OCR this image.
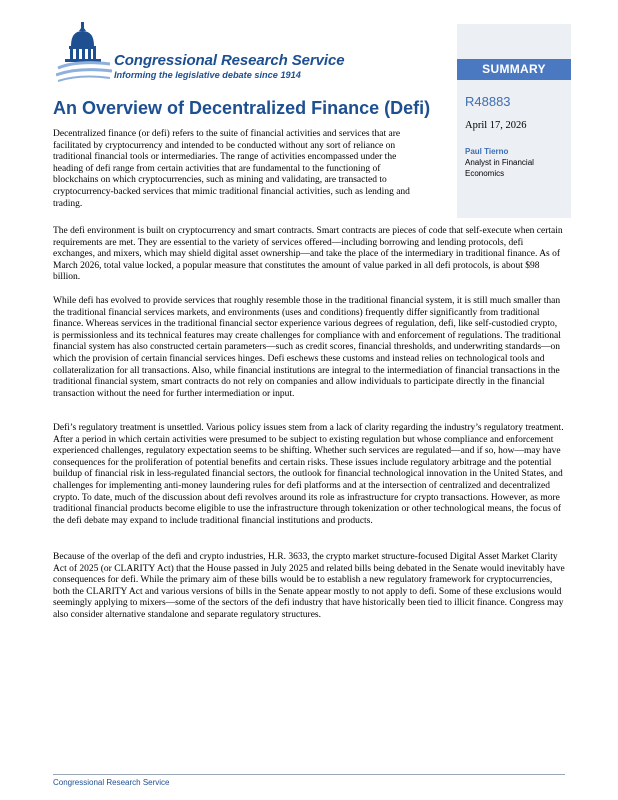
Congressional Research Service
Informing the legislative debate since 1914	SUMMARY
R48883
April 17, 2026
Paul Tierno
Analyst in Financial Economics
An Overview of Decentralized Finance (Defi)

Decentralized finance (or defi) refers to the suite of financial activities and services that are facilitated by cryptocurrency and intended to be conducted without any sort of reliance on traditional financial tools or intermediaries. The range of activities encompassed under the heading of defi range from certain activities that are fundamental to the functioning of blockchains on which cryptocurrencies, such as mining and validating, are transacted to cryptocurrency-backed services that mimic traditional financial activities, such as lending and trading.

The defi environment is built on cryptocurrency and smart contracts. Smart contracts are pieces of code that self-execute when certain requirements are met. They are essential to the variety of services offered—including borrowing and lending protocols, defi exchanges, and mixers, which may shield digital asset ownership—and take the place of the intermediary in traditional finance. As of March 2026, total value locked, a popular measure that constitutes the amount of value parked in all defi protocols, is about $98 billion.

While defi has evolved to provide services that roughly resemble those in the traditional financial system, it is still much smaller than the traditional financial services markets, and environments (uses and conditions) frequently differ significantly from traditional finance. Whereas services in the traditional financial sector experience various degrees of regulation, defi, like self-custodied crypto, is permissionless and its technical features may create challenges for compliance with and enforcement of regulations. The traditional financial system has also constructed certain parameters—such as credit scores, financial thresholds, and underwriting standards—on which the provision of certain financial services hinges. Defi eschews these customs and instead relies on technological tools and collateralization for all transactions. Also, while financial institutions are integral to the intermediation of financial transactions in the traditional financial system, smart contracts do not rely on companies and allow individuals to participate directly in the financial transaction without the need for further intermediation or input.

Defi’s regulatory treatment is unsettled. Various policy issues stem from a lack of clarity regarding the industry’s regulatory treatment. After a period in which certain activities were presumed to be subject to existing regulation but whose compliance and enforcement experienced challenges, regulatory expectation seems to be shifting. Whether such services are regulated—and if so, how—may have consequences for the proliferation of potential benefits and certain risks. These issues include regulatory arbitrage and the potential buildup of financial risk in less-regulated financial sectors, the outlook for financial technological innovation in the United States, and challenges for implementing anti-money laundering rules for defi platforms and at the intersection of centralized and decentralized crypto. To date, much of the discussion about defi revolves around its role as infrastructure for crypto transactions. However, as more traditional financial products become eligible to use the infrastructure through tokenization or other technological means, the focus of the defi debate may expand to include traditional financial institutions and products.

Because of the overlap of the defi and crypto industries, H.R. 3633, the crypto market structure-focused Digital Asset Market Clarity Act of 2025 (or CLARITY Act) that the House passed in July 2025 and related bills being debated in the Senate would inevitably have consequences for defi. While the primary aim of these bills would be to establish a new regulatory framework for cryptocurrencies, both the CLARITY Act and various versions of bills in the Senate appear mostly to not apply to defi. Some of these exclusions would seemingly applying to mixers—some of the sectors of the defi industry that have historically been tied to illicit finance. Congress may also consider alternative standalone and separate regulatory structures.

Congressional Research Service
